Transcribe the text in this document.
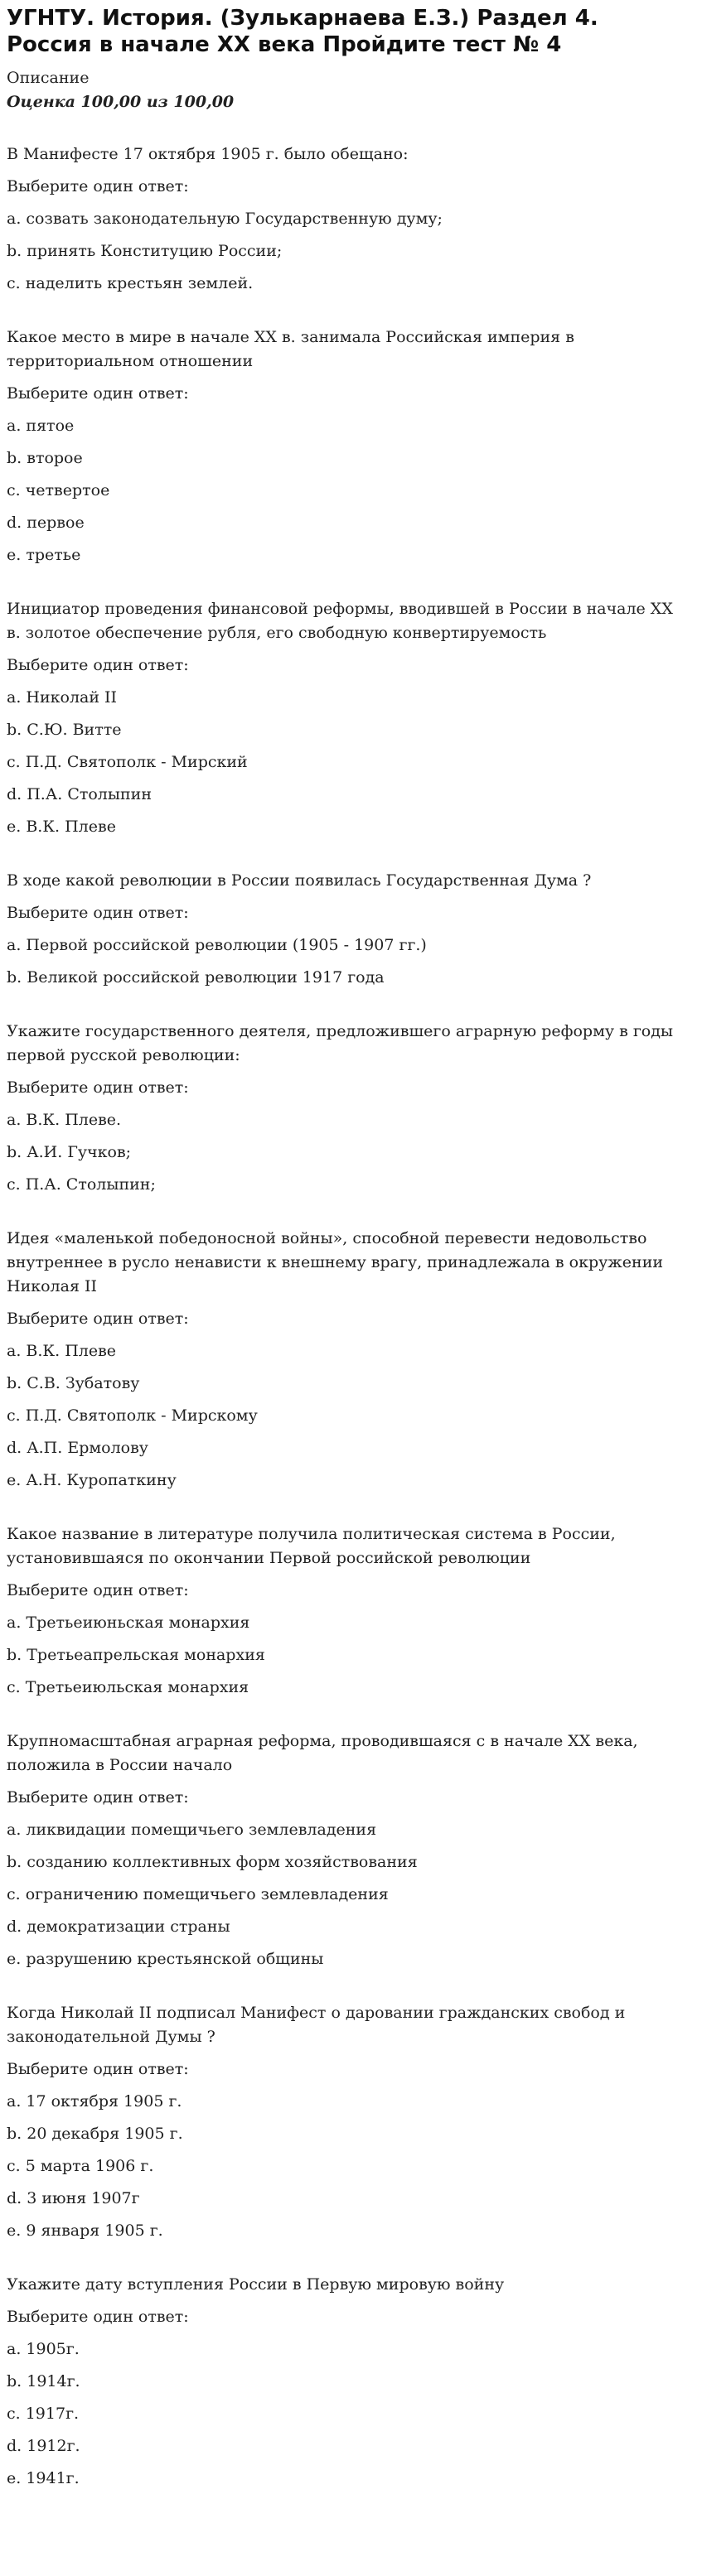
УГНТУ. История. (Зулькарнаева Е.З.) Раздел 4. Россия в начале XX века Пройдите тест № 4

Описание

Оценка 100,00 из 100,00

В Манифесте 17 октября 1905 г. было обещано:

Выберите один ответ:

a. созвать законодательную Государственную думу;

b. принять Конституцию России;

c. наделить крестьян землей.

Какое место в мире в начале XX в. занимала Российская империя в территориальном отношении

Выберите один ответ:

a. пятое

b. второе

c. четвертое

d. первое

e. третье

Инициатор проведения финансовой реформы, вводившей в России в начале XX в. золотое обеспечение рубля, его свободную конвертируемость

Выберите один ответ:

a. Николай II

b. С.Ю. Витте

c. П.Д. Святополк - Мирский

d. П.А. Столыпин

e. В.К. Плеве

В ходе какой революции в России появилась Государственная Дума ?

Выберите один ответ:

a. Первой российской революции (1905 - 1907 гг.)

b. Великой российской революции 1917 года

Укажите государственного деятеля, предложившего аграрную реформу в годы первой русской революции:

Выберите один ответ:

a. В.К. Плеве.

b. А.И. Гучков;

c. П.А. Столыпин;

Идея «маленькой победоносной войны», способной перевести недовольство внутреннее в русло ненависти к внешнему врагу, принадлежала в окружении Николая II

Выберите один ответ:

a. В.К. Плеве

b. С.В. Зубатову

c. П.Д. Святополк - Мирскому

d. А.П. Ермолову

e. А.Н. Куропаткину

Какое название в литературе получила политическая система в России, установившаяся по окончании Первой российской революции

Выберите один ответ:

a. Третьеиюньская монархия

b. Третьеапрельская монархия

c. Третьеиюльская монархия

Крупномасштабная аграрная реформа, проводившаяся с в начале XX века, положила в России начало

Выберите один ответ:

a. ликвидации помещичьего землевладения

b. созданию коллективных форм хозяйствования

c. ограничению помещичьего землевладения

d. демократизации страны

e. разрушению крестьянской общины

Когда Николай II подписал Манифест о даровании гражданских свобод и законодательной Думы ?

Выберите один ответ:

a. 17 октября 1905 г.

b. 20 декабря 1905 г.

c. 5 марта 1906 г.

d. 3 июня 1907г

e. 9 января 1905 г.

Укажите дату вступления России в Первую мировую войну

Выберите один ответ:

a. 1905г.

b. 1914г.

c. 1917г.

d. 1912г.

e. 1941г.
